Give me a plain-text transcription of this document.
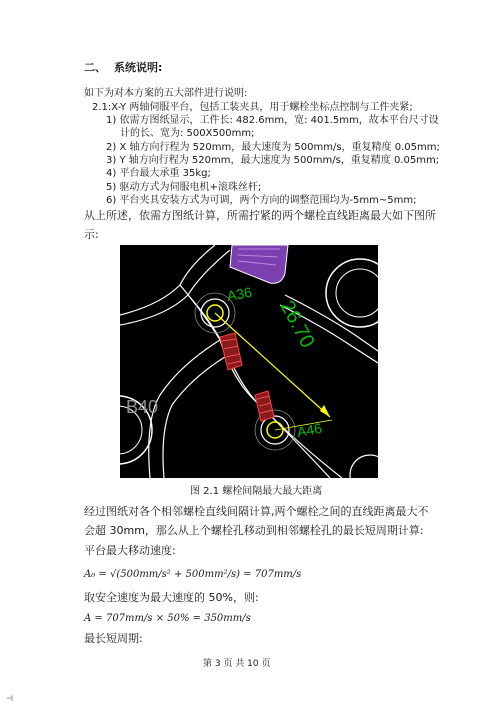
二、 系统说明:
如下为对本方案的五大部件进行说明:
2.1:X-Y 两轴伺服平台，包括工装夹具，用于螺栓坐标点控制与工件夹紧;
1) 依需方图纸显示，工件长: 482.6mm，宽: 401.5mm，故本平台尺寸设
计的长、宽为: 500X500mm;
2) X 轴方向行程为 520mm，最大速度为 500mm/s，重复精度 0.05mm;
3) Y 轴方向行程为 520mm，最大速度为 500mm/s，重复精度 0.05mm;
4) 平台最大承重 35kg;
5) 驱动方式为伺服电机+滚珠丝杆;
6) 平台夹具安装方式为可调，两个方向的调整范围均为-5mm~5mm;
从上所述，依需方图纸计算，所需拧紧的两个螺栓直线距离最大如下图所
示:
A36
26.70
A46
B40
图 2.1 螺栓间隔最大最大距离
经过图纸对各个相邻螺栓直线间隔计算,两个螺栓之间的直线距离最大不
会超 30mm，那么从上个螺栓孔移动到相邻螺栓孔的最长短周期计算:
平台最大移动速度:
A₀ = √(500mm/s² + 500mm²/s) = 707mm/s
取安全速度为最大速度的 50%，则:
A = 707mm/s × 50% = 350mm/s
最长短周期:
第 3 页 共 10 页
